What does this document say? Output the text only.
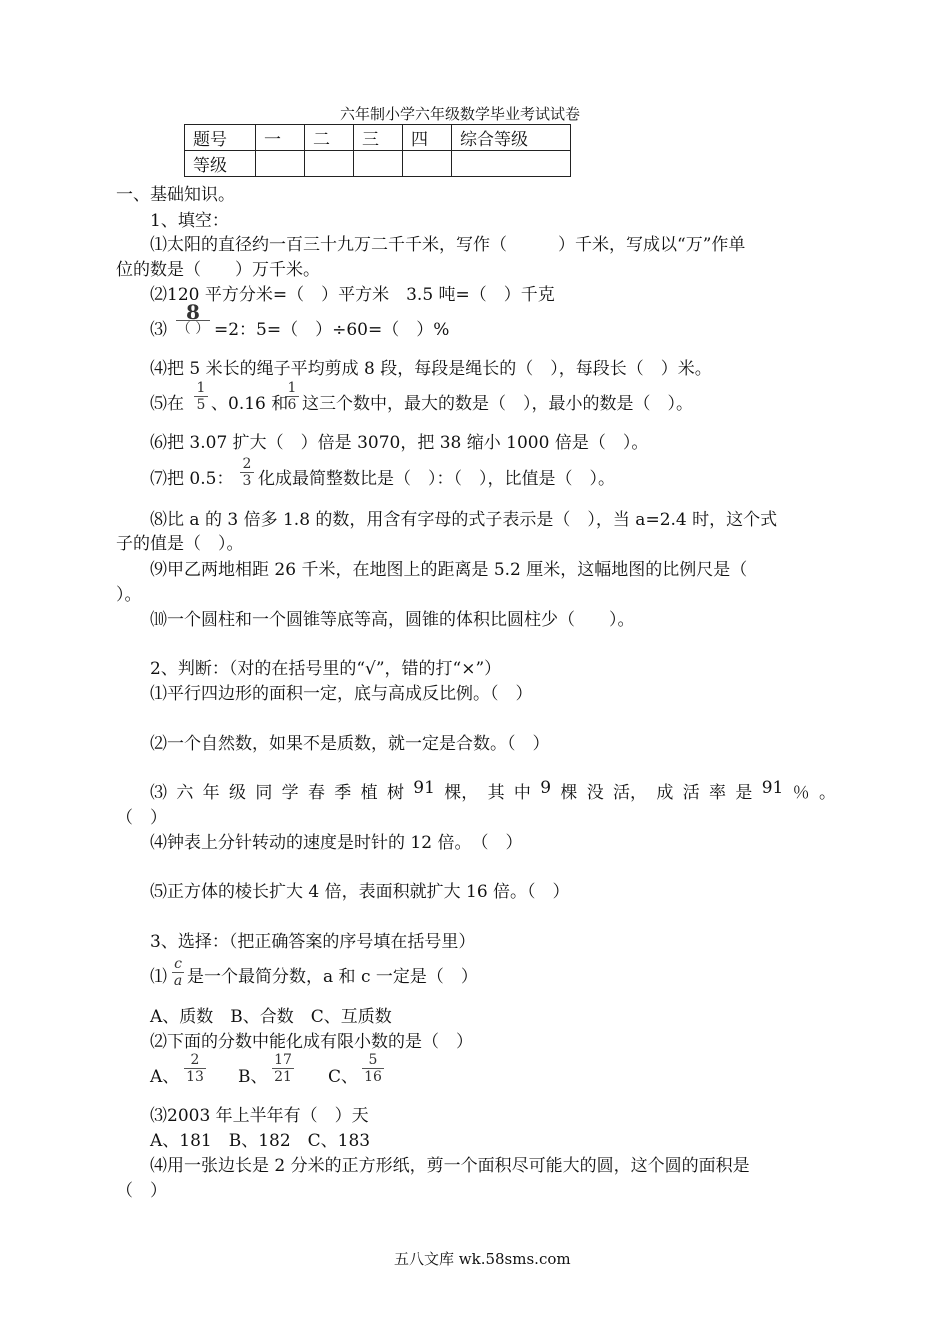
六年制小学六年级数学毕业考试试卷
题号	一	二	三	四	综合等级
等级					
一、基础知识。
1、填空：
⑴太阳的直径约一百三十九万二千千米，写作（　　　）千米，写成以“万”作单
位的数是（　　）万千米。
⑵120 平方分米=（　）平方米　3.5 吨=（　）千克
⑶
8
（ ） =2：5=（　）÷60=（　）%
⑷把 5 米长的绳子平均剪成 8 段，每段是绳长的（　），每段长（　）米。
⑸在
1
5 、0.16 和
1
6 这三个数中，最大的数是（　），最小的数是（　）。
⑹把 3.07 扩大（　）倍是 3070，把 38 缩小 1000 倍是（　）。
⑺把 0.5：
2
3 化成最简整数比是（　）：（　），比值是（　）。
⑻比 a 的 3 倍多 1.8 的数，用含有字母的式子表示是（　），当 a=2.4 时，这个式
子的值是（　）。
⑼甲乙两地相距 26 千米，在地图上的距离是 5.2 厘米，这幅地图的比例尺是（
）。
⑽一个圆柱和一个圆锥等底等高，圆锥的体积比圆柱少（　　）。
2、判断：（对的在括号里的“√”，错的打“×”）
⑴平行四边形的面积一定，底与高成反比例。（　）
⑵一个自然数，如果不是质数，就一定是合数。（　）
⑶ 六 年 级 同 学 春 季 植 树 91 棵， 其 中 9 棵 没 活， 成 活 率 是 91 ％ 。
（　）
⑷钟表上分针转动的速度是时针的 12 倍。　（　）
⑸正方体的棱长扩大 4 倍，表面积就扩大 16 倍。（　）
3、选择：（把正确答案的序号填在括号里）
⑴
c
a 是一个最简分数，a 和 c 一定是（　）
A、质数　B、合数　C、互质数
⑵下面的分数中能化成有限小数的是（　）
A、
2
13 B、
17
21 C、
5
16
⑶2003 年上半年有（　）天
A、181　B、182　C、183
⑷用一张边长是 2 分米的正方形纸，剪一个面积尽可能大的圆，这个圆的面积是
（　）
五八文库 wk.58sms.com
